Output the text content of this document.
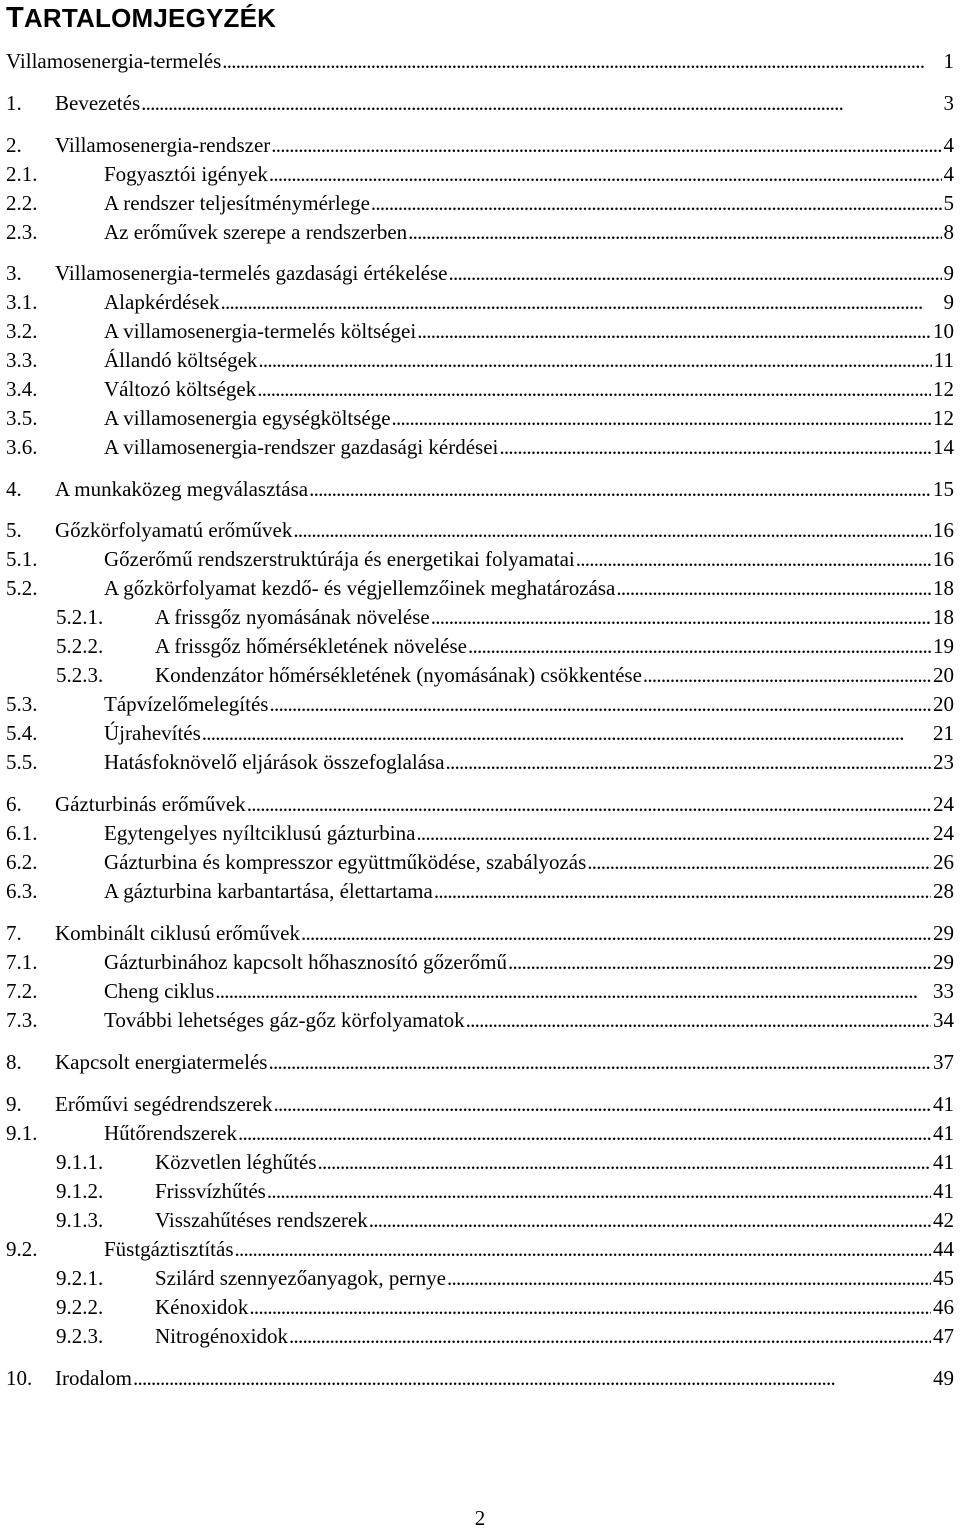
TARTALOMJEGYZÉK
Villamosenergia-termelés . . .	1
1. Bevezetés . . .	3
2. Villamosenergia-rendszer . . .	4
2.1.	Fogyasztói igények . . .	4
2.2.	A rendszer teljesítménymérlege . . .	5
2.3.	Az erőművek szerepe a rendszerben . . .	8
3. Villamosenergia-termelés gazdasági értékelése . . .	9
3.1.	Alapkérdések . . .	9
3.2.	A villamosenergia-termelés költségei . . .	10
3.3.	Állandó költségek . . .	11
3.4.	Változó költségek . . .	12
3.5.	A villamosenergia egységköltsége . . .	12
3.6.	A villamosenergia-rendszer gazdasági kérdései . . .	14
4. A munkaközeg megválasztása . . .	15
5. Gőzkörfolyamatú erőművek . . .	16
5.1.	Gőzerőmű rendszerstruktúrája és energetikai folyamatai . . .	16
5.2.	A gőzkörfolyamat kezdő- és végjellemzőinek meghatározása . . .	18
5.2.1. A frissgőz nyomásának növelése . . .	18
5.2.2. A frissgőz hőmérsékletének növelése . . .	19
5.2.3. Kondenzátor hőmérsékletének (nyomásának) csökkentése . . .	20
5.3.	Tápvízelőmelegítés . . .	20
5.4.	Újrahevítés . . .	21
5.5.	Hatásfoknövelő eljárások összefoglalása . . .	23
6. Gázturbinás erőművek . . .	24
6.1.	Egytengelyes nyíltciklusú gázturbina . . .	24
6.2.	Gázturbina és kompresszor együttműködése, szabályozás . . .	26
6.3.	A gázturbina karbantartása, élettartama . . .	28
7. Kombinált ciklusú erőművek . . .	29
7.1.	Gázturbinához kapcsolt hőhasznosító gőzerőmű . . .	29
7.2.	Cheng ciklus . . .	33
7.3.	További lehetséges gáz-gőz körfolyamatok . . .	34
8. Kapcsolt energiatermelés . . .	37
9. Erőművi segédrendszerek . . .	41
9.1.	Hűtőrendszerek . . .	41
9.1.1. Közvetlen léghűtés . . .	41
9.1.2. Frissvízhűtés . . .	41
9.1.3. Visszahűtéses rendszerek . . .	42
9.2.	Füstgáztisztítás . . .	44
9.2.1. Szilárd szennyezőanyagok, pernye . . .	45
9.2.2. Kénoxidok . . .	46
9.2.3. Nitrogénoxidok . . .	47
10. Irodalom . . .	49
2
